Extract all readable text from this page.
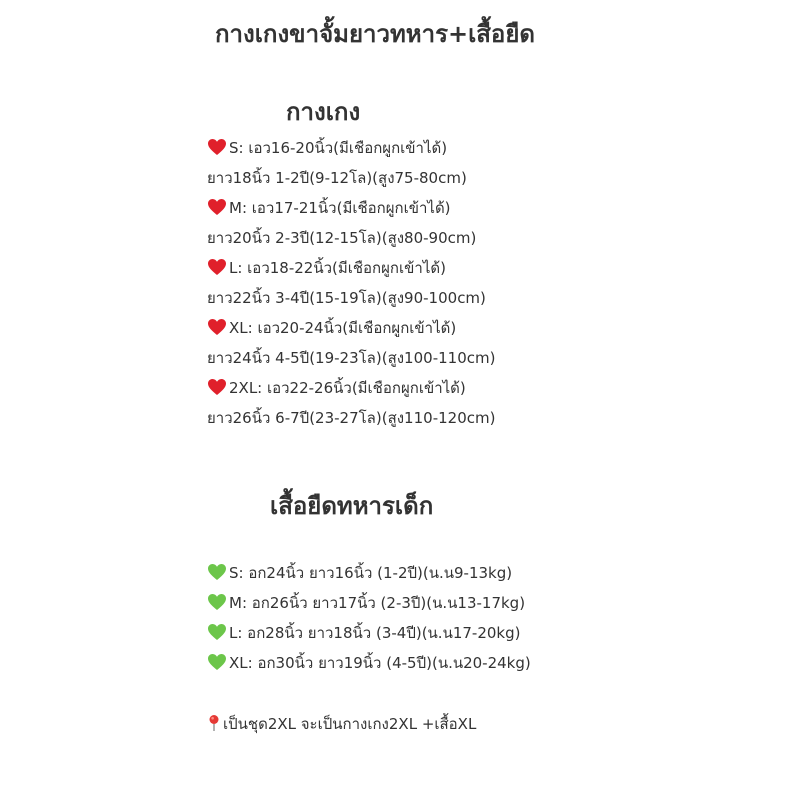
กางเกงขาจั้มยาวทหาร+เสื้อยืด
กางเกง
S: เอว16-20นิ้ว(มีเชือกผูกเข้าได้)
ยาว18นิ้ว 1-2ปี(9-12โล)(สูง75-80cm)
M: เอว17-21นิ้ว(มีเชือกผูกเข้าได้)
ยาว20นิ้ว 2-3ปี(12-15โล)(สูง80-90cm)
L: เอว18-22นิ้ว(มีเชือกผูกเข้าได้)
ยาว22นิ้ว 3-4ปี(15-19โล)(สูง90-100cm)
XL: เอว20-24นิ้ว(มีเชือกผูกเข้าได้)
ยาว24นิ้ว 4-5ปี(19-23โล)(สูง100-110cm)
2XL: เอว22-26นิ้ว(มีเชือกผูกเข้าได้)
ยาว26นิ้ว 6-7ปี(23-27โล)(สูง110-120cm)
เสื้อยืดทหารเด็ก
S: อก24นิ้ว ยาว16นิ้ว (1-2ปี)(น.น9-13kg)
M: อก26นิ้ว ยาว17นิ้ว (2-3ปี)(น.น13-17kg)
L: อก28นิ้ว ยาว18นิ้ว (3-4ปี)(น.น17-20kg)
XL: อก30นิ้ว ยาว19นิ้ว (4-5ปี)(น.น20-24kg)
เป็นชุด2XL จะเป็นกางเกง2XL +เสื้อXL
